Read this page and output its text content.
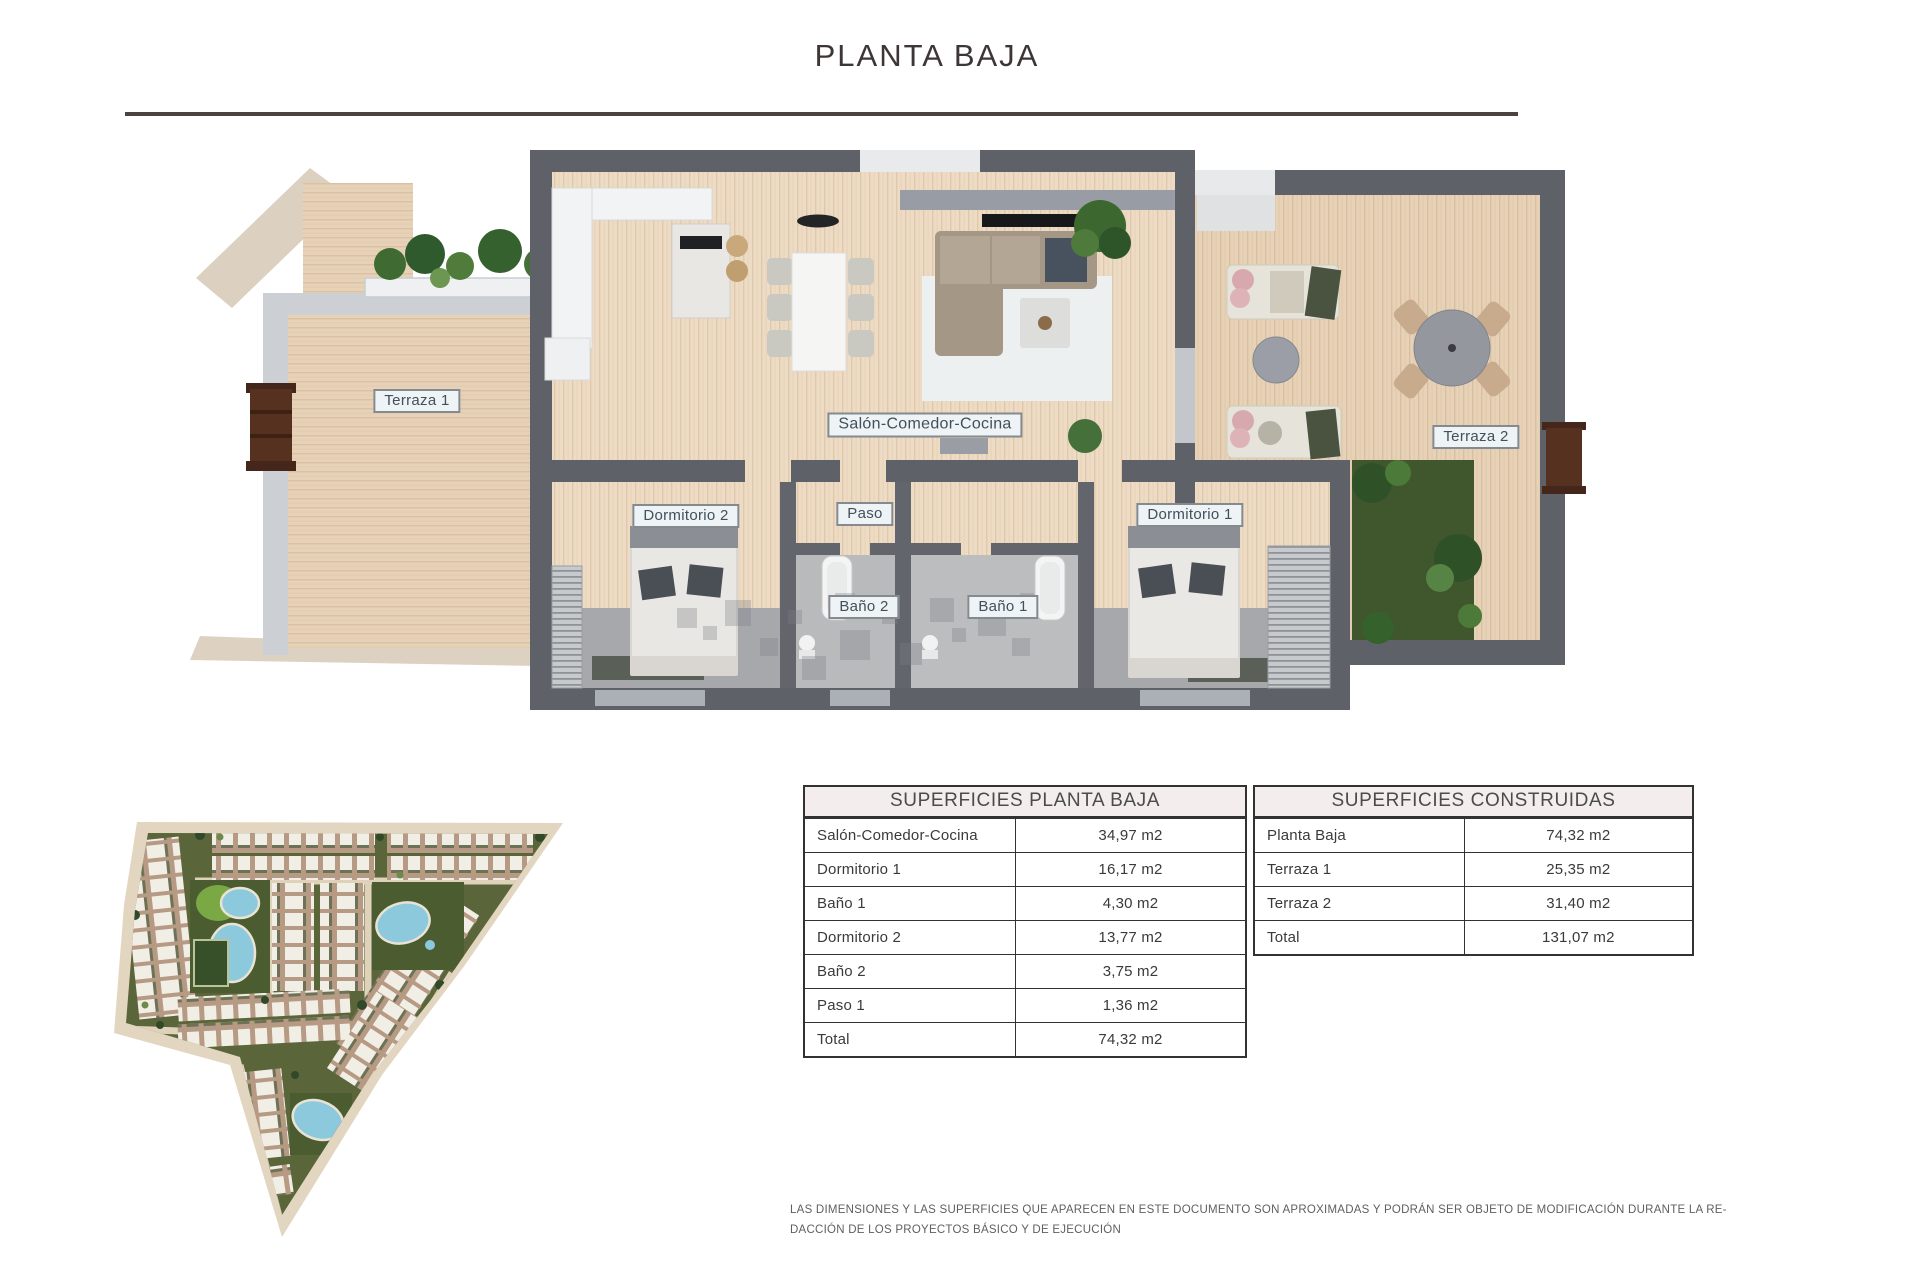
PLANTA BAJA
Terraza 1
Salón-Comedor-Cocina
Dormitorio 2	Paso
Baño 2	Baño 1
Dormitorio 1
Terraza 2
SUPERFICIES PLANTA BAJA
Salón-Comedor-Cocina	34,97 m2
Dormitorio 1	16,17 m2
Baño 1	4,30 m2
Dormitorio 2	13,77 m2
Baño 2	3,75 m2
Paso 1	1,36 m2
Total	74,32 m2
SUPERFICIES CONSTRUIDAS
Planta Baja	74,32 m2
Terraza 1	25,35 m2
Terraza 2	31,40 m2
Total	131,07 m2
LAS DIMENSIONES Y LAS SUPERFICIES QUE APARECEN EN ESTE DOCUMENTO SON APROXIMADAS Y PODRÁN SER OBJETO DE MODIFICACIÓN DURANTE LA RE-
DACCIÓN DE LOS PROYECTOS BÁSICO Y DE EJECUCIÓN
